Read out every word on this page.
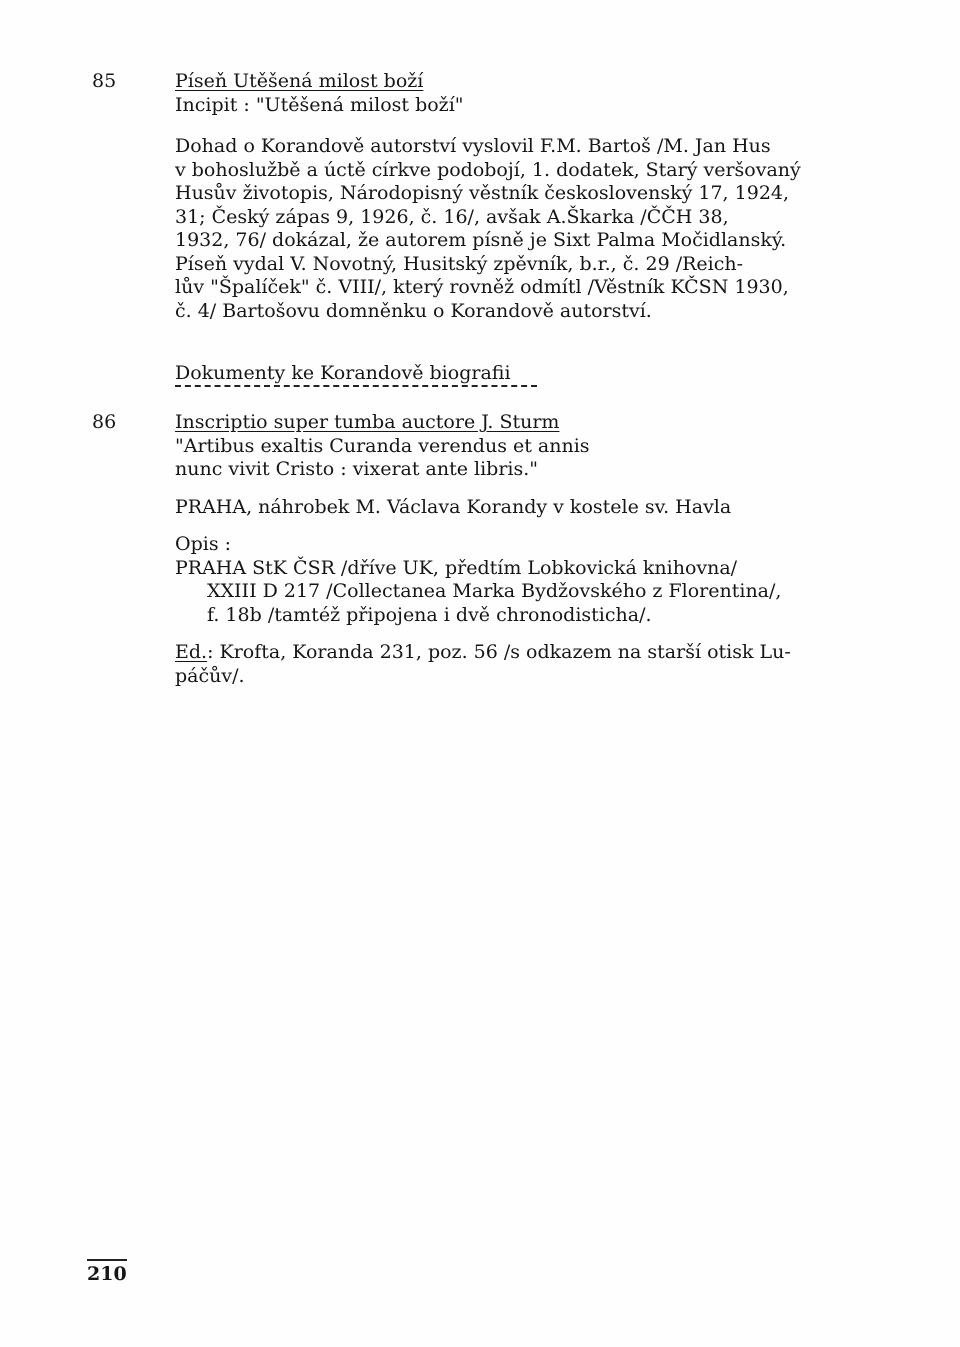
85	Píseň Utěšená milost boží
Incipit : "Utěšená milost boží"
Dohad o Korandově autorství vyslovil F.M. Bartoš /M. Jan Hus
v bohoslužbě a úctě církve podobojí, 1. dodatek, Starý veršovaný
Husův životopis, Národopisný věstník československý 17, 1924,
31; Český zápas 9, 1926, č. 16/, avšak A.Škarka /ČČH 38,
1932, 76/ dokázal, že autorem písně je Sixt Palma Močidlanský.
Píseň vydal V. Novotný, Husitský zpěvník, b.r., č. 29 /Reich-
lův "Špalíček" č. VIII/, který rovněž odmítl /Věstník KČSN 1930,
č. 4/ Bartošovu domněnku o Korandově autorství.
Dokumenty ke Korandově biografii
86	Inscriptio super tumba auctore J. Sturm
"Artibus exaltis Curanda verendus et annis
nunc vivit Cristo : vixerat ante libris."
PRAHA, náhrobek M. Václava Korandy v kostele sv. Havla
Opis :
PRAHA StK ČSR /dříve UK, předtím Lobkovická knihovna/
XXIII D 217 /Collectanea Marka Bydžovského z Florentina/,
f. 18b /tamtéž připojena i dvě chronodisticha/.
Ed.: Krofta, Koranda 231, poz. 56 /s odkazem na starší otisk Lu-
páčův/.
210
